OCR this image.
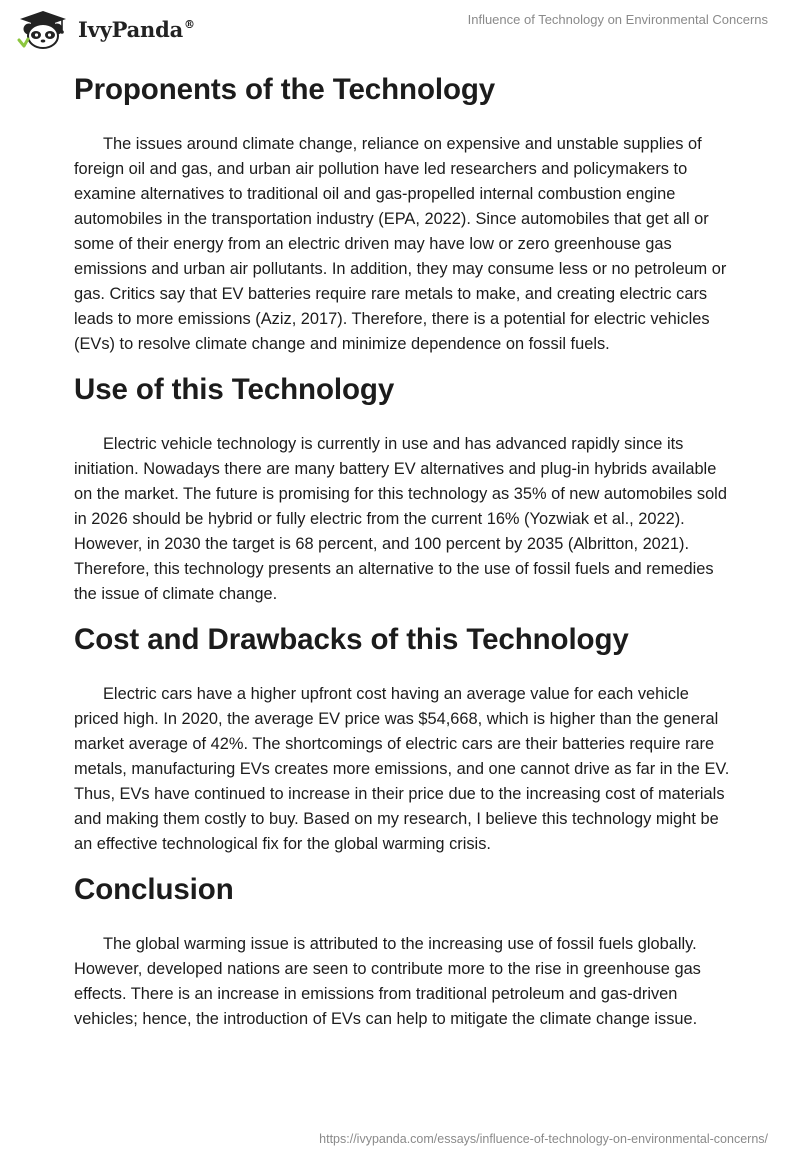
IvyPanda®	Influence of Technology on Environmental Concerns
Proponents of the Technology

The issues around climate change, reliance on expensive and unstable supplies of foreign oil and gas, and urban air pollution have led researchers and policymakers to examine alternatives to traditional oil and gas-propelled internal combustion engine automobiles in the transportation industry (EPA, 2022). Since automobiles that get all or some of their energy from an electric driven may have low or zero greenhouse gas emissions and urban air pollutants. In addition, they may consume less or no petroleum or gas. Critics say that EV batteries require rare metals to make, and creating electric cars leads to more emissions (Aziz, 2017). Therefore, there is a potential for electric vehicles (EVs) to resolve climate change and minimize dependence on fossil fuels.

Use of this Technology

Electric vehicle technology is currently in use and has advanced rapidly since its initiation. Nowadays there are many battery EV alternatives and plug-in hybrids available on the market. The future is promising for this technology as 35% of new automobiles sold in 2026 should be hybrid or fully electric from the current 16% (Yozwiak et al., 2022). However, in 2030 the target is 68 percent, and 100 percent by 2035 (Albritton, 2021). Therefore, this technology presents an alternative to the use of fossil fuels and remedies the issue of climate change.

Cost and Drawbacks of this Technology

Electric cars have a higher upfront cost having an average value for each vehicle priced high. In 2020, the average EV price was $54,668, which is higher than the general market average of 42%. The shortcomings of electric cars are their batteries require rare metals, manufacturing EVs creates more emissions, and one cannot drive as far in the EV. Thus, EVs have continued to increase in their price due to the increasing cost of materials and making them costly to buy. Based on my research, I believe this technology might be an effective technological fix for the global warming crisis.

Conclusion

The global warming issue is attributed to the increasing use of fossil fuels globally. However, developed nations are seen to contribute more to the rise in greenhouse gas effects. There is an increase in emissions from traditional petroleum and gas-driven vehicles; hence, the introduction of EVs can help to mitigate the climate change issue.

https://ivypanda.com/essays/influence-of-technology-on-environmental-concerns/
